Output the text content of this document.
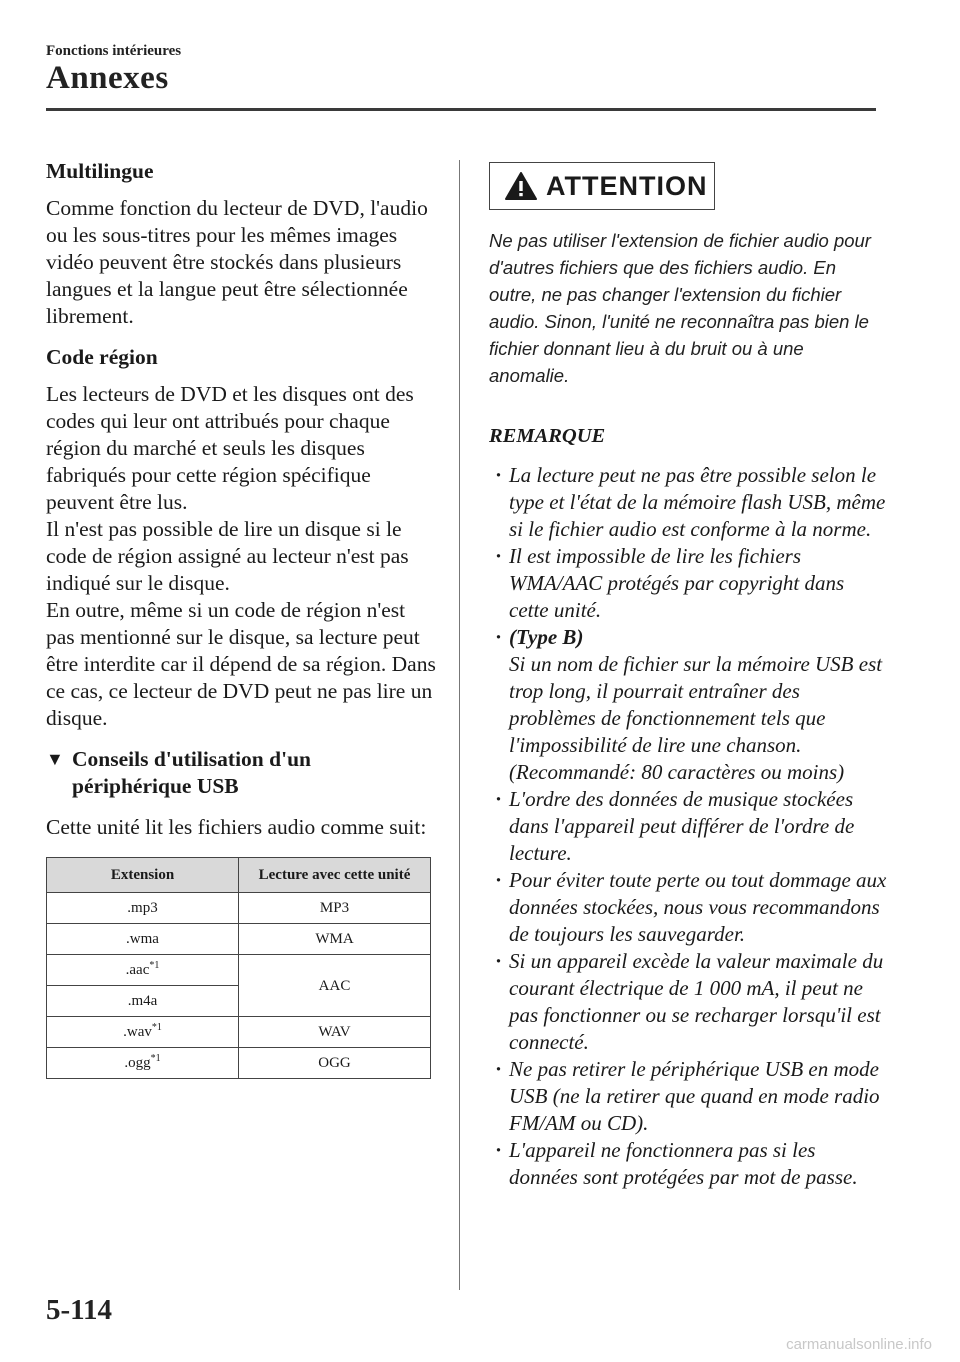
Fonctions intérieures
Annexes
Multilingue

Comme fonction du lecteur de DVD, l'audio ou les sous-titres pour les mêmes images vidéo peuvent être stockés dans plusieurs langues et la langue peut être sélectionnée librement.

Code région

Les lecteurs de DVD et les disques ont des codes qui leur ont attribués pour chaque région du marché et seuls les disques fabriqués pour cette région spécifique peuvent être lus.

Il n'est pas possible de lire un disque si le code de région assigné au lecteur n'est pas indiqué sur le disque.

En outre, même si un code de région n'est pas mentionné sur le disque, sa lecture peut être interdite car il dépend de sa région. Dans ce cas, ce lecteur de DVD peut ne pas lire un disque.

▼ Conseils d'utilisation d'un
périphérique USB

Cette unité lit les fichiers audio comme suit:

Extension	Lecture avec cette unité
.mp3	MP3
.wma	WMA
.aac$^{*1}$	AAC
.m4a	
.wav$^{*1}$	WAV
.ogg$^{*1}$	OGG
ATTENTION

Ne pas utiliser l'extension de fichier audio pour d'autres fichiers que des fichiers audio. En outre, ne pas changer l'extension du fichier audio. Sinon, l'unité ne reconnaîtra pas bien le fichier donnant lieu à du bruit ou à une anomalie.

REMARQUE
· La lecture peut ne pas être possible selon le type et l'état de la mémoire flash USB, même si le fichier audio est conforme à la norme.
· Il est impossible de lire les fichiers WMA/AAC protégés par copyright dans cette unité.
· (Type B)
Si un nom de fichier sur la mémoire USB est trop long, il pourrait entraîner des problèmes de fonctionnement tels que l'impossibilité de lire une chanson. (Recommandé: 80 caractères ou moins)
· L'ordre des données de musique stockées dans l'appareil peut différer de l'ordre de lecture.
· Pour éviter toute perte ou tout dommage aux données stockées, nous vous recommandons de toujours les sauvegarder.
· Si un appareil excède la valeur maximale du courant électrique de 1 000 mA, il peut ne pas fonctionner ou se recharger lorsqu'il est connecté.
· Ne pas retirer le périphérique USB en mode USB (ne la retirer que quand en mode radio FM/AM ou CD).
· L'appareil ne fonctionnera pas si les données sont protégées par mot de passe.
5-114
carmanualsonline.info
